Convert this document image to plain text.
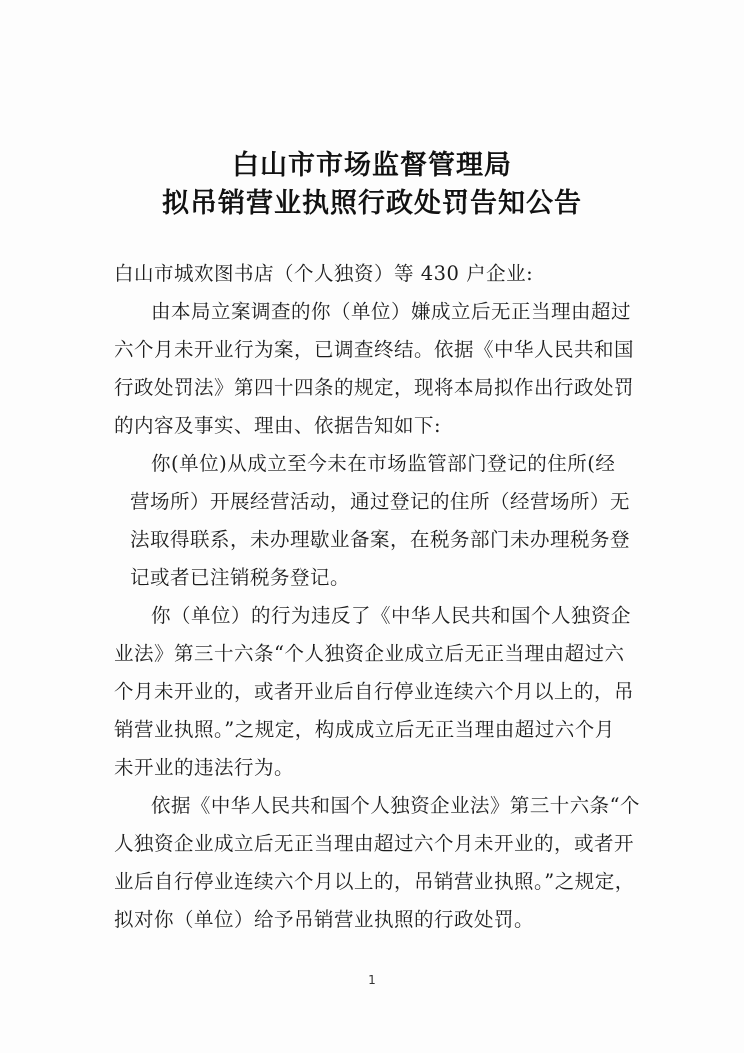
白山市市场监督管理局
拟吊销营业执照行政处罚告知公告
白山市城欢图书店（个人独资）等 430 户企业:
由本局立案调查的你（单位）嫌成立后无正当理由超过
六个月未开业行为案，已调查终结。依据《中华人民共和国
行政处罚法》第四十四条的规定，现将本局拟作出行政处罚
的内容及事实、理由、依据告知如下:
你(单位)从成立至今未在市场监管部门登记的住所(经
营场所）开展经营活动，通过登记的住所（经营场所）无
法取得联系，未办理歇业备案，在税务部门未办理税务登
记或者已注销税务登记。
你（单位）的行为违反了《中华人民共和国个人独资企
业法》第三十六条“个人独资企业成立后无正当理由超过六
个月未开业的，或者开业后自行停业连续六个月以上的，吊
销营业执照。”之规定，构成成立后无正当理由超过六个月
未开业的违法行为。
依据《中华人民共和国个人独资企业法》第三十六条“个
人独资企业成立后无正当理由超过六个月未开业的，或者开
业后自行停业连续六个月以上的，吊销营业执照。”之规定，
拟对你（单位）给予吊销营业执照的行政处罚。
1
